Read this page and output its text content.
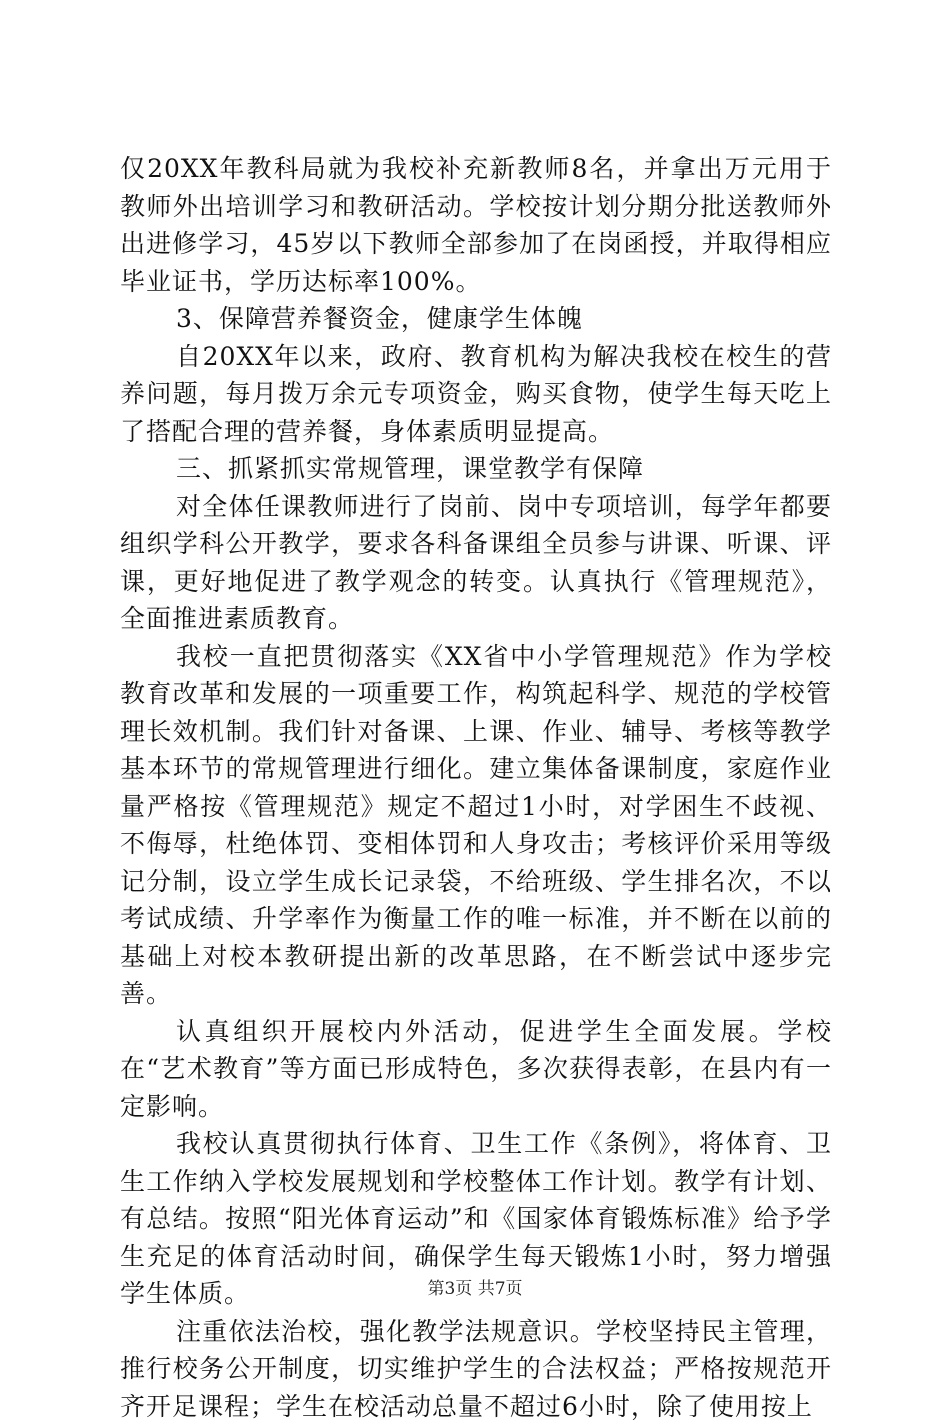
仅20XX年教科局就为我校补充新教师8名，并拿出万元用于教师外出培训学习和教研活动。学校按计划分期分批送教师外出进修学习，45岁以下教师全部参加了在岗函授，并取得相应毕业证书，学历达标率100%。

3、保障营养餐资金，健康学生体魄

自20XX年以来，政府、教育机构为解决我校在校生的营养问题，每月拨万余元专项资金，购买食物，使学生每天吃上了搭配合理的营养餐，身体素质明显提高。

三、抓紧抓实常规管理，课堂教学有保障

对全体任课教师进行了岗前、岗中专项培训，每学年都要组织学科公开教学，要求各科备课组全员参与讲课、听课、评课，更好地促进了教学观念的转变。认真执行《管理规范》，全面推进素质教育。

我校一直把贯彻落实《XX省中小学管理规范》作为学校教育改革和发展的一项重要工作，构筑起科学、规范的学校管理长效机制。我们针对备课、上课、作业、辅导、考核等教学基本环节的常规管理进行细化。建立集体备课制度，家庭作业量严格按《管理规范》规定不超过1小时，对学困生不歧视、不侮辱，杜绝体罚、变相体罚和人身攻击；考核评价采用等级记分制，设立学生成长记录袋，不给班级、学生排名次，不以考试成绩、升学率作为衡量工作的唯一标准，并不断在以前的基础上对校本教研提出新的改革思路，在不断尝试中逐步完善。

认真组织开展校内外活动，促进学生全面发展。学校在“艺术教育”等方面已形成特色，多次获得表彰，在县内有一定影响。

我校认真贯彻执行体育、卫生工作《条例》，将体育、卫生工作纳入学校发展规划和学校整体工作计划。教学有计划、有总结。按照“阳光体育运动”和《国家体育锻炼标准》给予学生充足的体育活动时间，确保学生每天锻炼1小时，努力增强学生体质。

注重依法治校，强化教学法规意识。学校坚持民主管理，推行校务公开制度，切实维护学生的合法权益；严格按规范开齐开足课程；学生在校活动总量不超过6小时，除了使用按上

第3页 共7页
